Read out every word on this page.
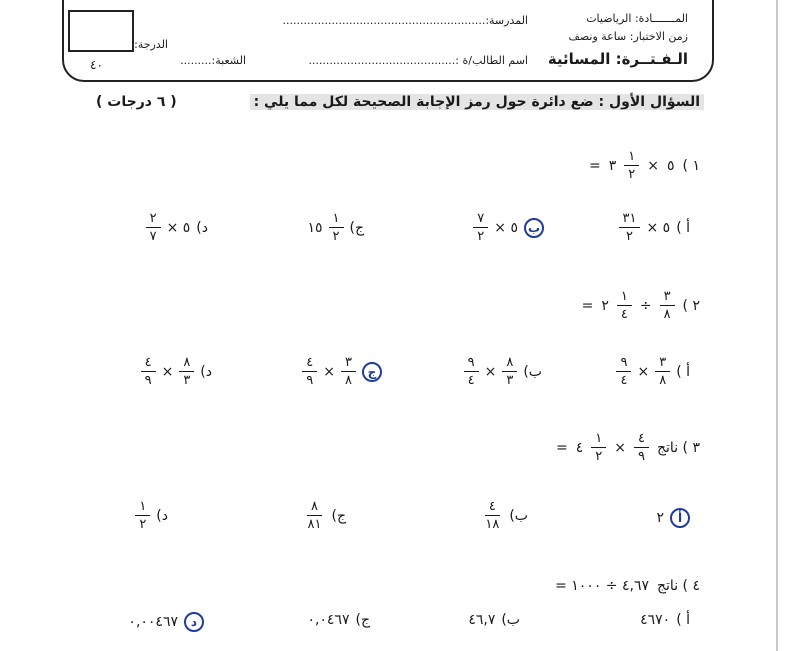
المـــــــادة: الرياضيات
زمن الاختبار: ساعة ونصف
الـفـتــرة: المسائية
المدرسة:..........................................................
اسم الطالب/ة :..........................................
الشعبة:.........
الدرجة:
٤٠
السؤال الأول : ضع دائرة حول رمز الإجابة الصحيحة لكل مما يلي :
( ٦ درجات )
١ )
٥
×
$\frac{١}{٢}$
٣
=
أ )
٥ ×
$\frac{٣١}{٢}$
ب
٥ ×
$\frac{٧}{٢}$
ج)
$\frac{١}{٢}$
١٥
د)
٥ ×
$\frac{٢}{٧}$
٢ )
$\frac{٣}{٨}$
÷
$\frac{١}{٤}$
٢
=
أ )
$\frac{٣}{٨}$
×
$\frac{٩}{٤}$
ب)
$\frac{٨}{٣}$
×
$\frac{٩}{٤}$
ج
$\frac{٣}{٨}$
×
$\frac{٤}{٩}$
د)
$\frac{٨}{٣}$
×
$\frac{٤}{٩}$
٣ ) ناتج
$\frac{٤}{٩}$
×
$\frac{١}{٢}$
٤
=
أ
٢
ب)
$\frac{٤}{١٨}$
ج)
$\frac{٨}{٨١}$
د)
$\frac{١}{٢}$
٤ ) ناتج
٤,٦٧ ÷ ١٠٠٠ =
أ )
٤٦٧٠
ب)
٤٦,٧
ج)
٠,٠٤٦٧
د
٠,٠٠٤٦٧
